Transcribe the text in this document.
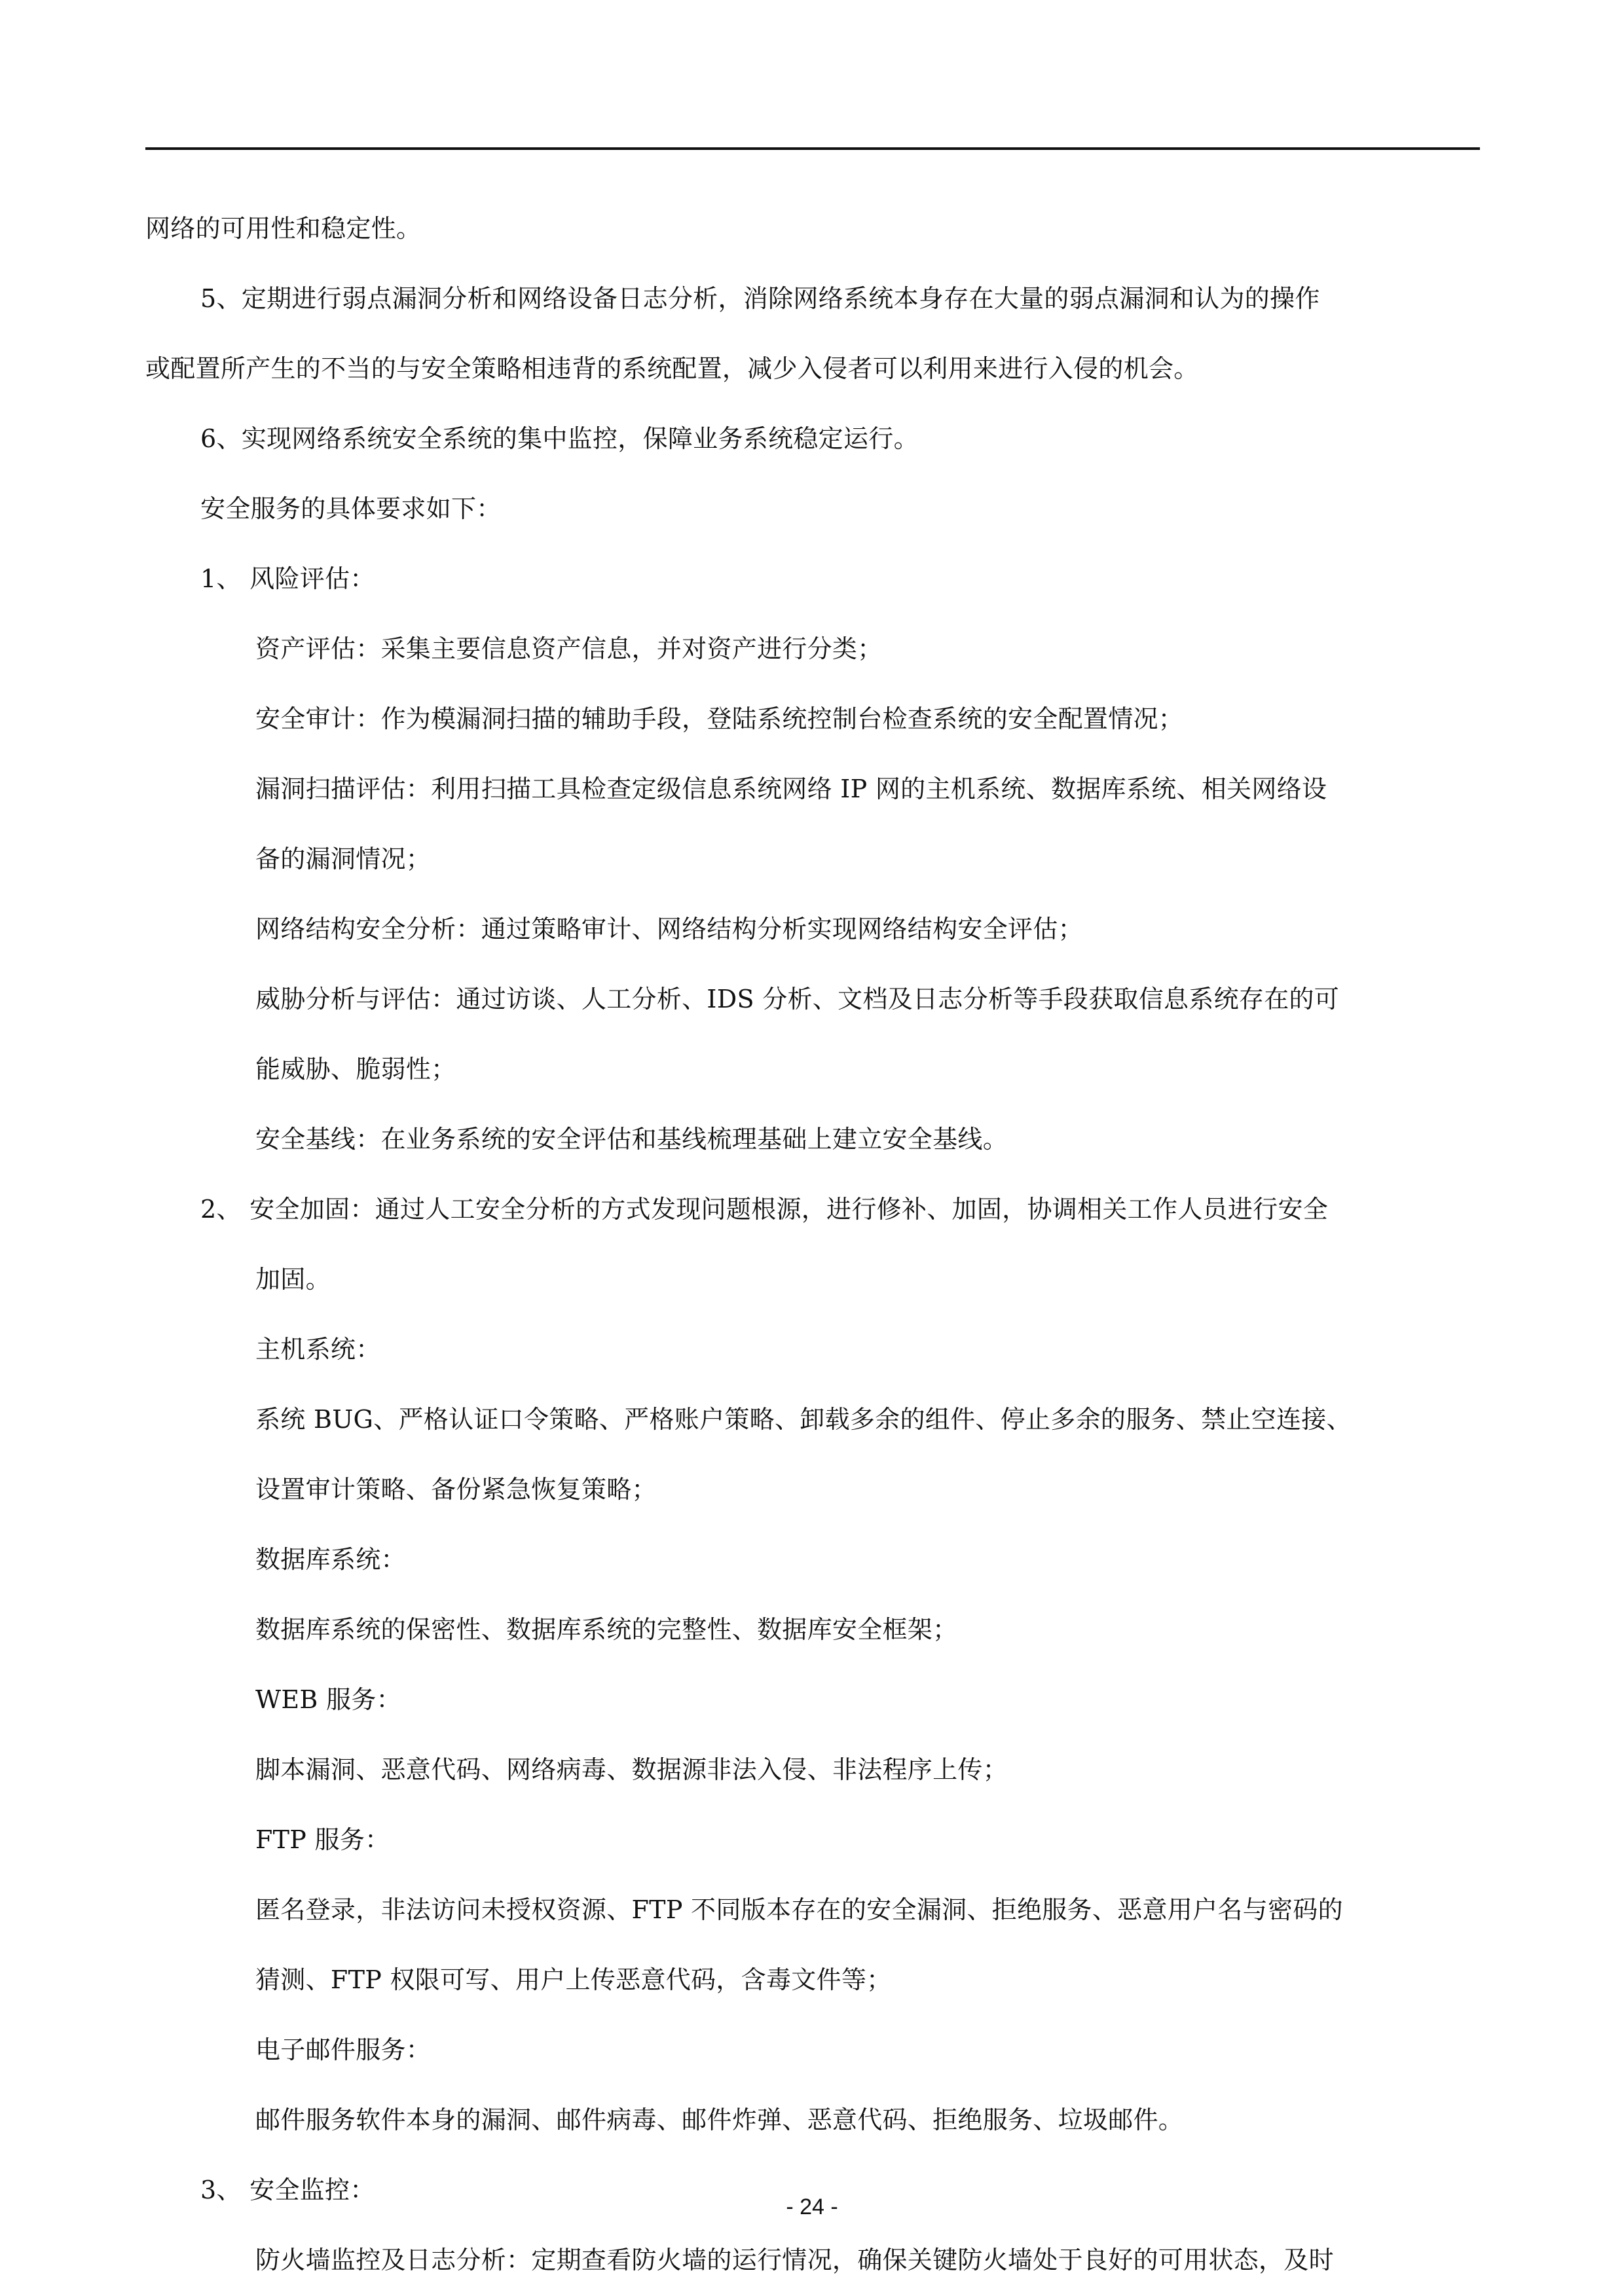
网络的可用性和稳定性。

5、定期进行弱点漏洞分析和网络设备日志分析，消除网络系统本身存在大量的弱点漏洞和认为的操作

或配置所产生的不当的与安全策略相违背的系统配置，减少入侵者可以利用来进行入侵的机会。

6、实现网络系统安全系统的集中监控，保障业务系统稳定运行。

安全服务的具体要求如下：

1、 风险评估：

资产评估：采集主要信息资产信息，并对资产进行分类；

安全审计：作为模漏洞扫描的辅助手段，登陆系统控制台检查系统的安全配置情况；

漏洞扫描评估：利用扫描工具检查定级信息系统网络 IP 网的主机系统、数据库系统、相关网络设

备的漏洞情况；

网络结构安全分析：通过策略审计、网络结构分析实现网络结构安全评估；

威胁分析与评估：通过访谈、人工分析、IDS 分析、文档及日志分析等手段获取信息系统存在的可

能威胁、脆弱性；

安全基线：在业务系统的安全评估和基线梳理基础上建立安全基线。

2、 安全加固：通过人工安全分析的方式发现问题根源，进行修补、加固，协调相关工作人员进行安全

加固。

主机系统：

系统 BUG、严格认证口令策略、严格账户策略、卸载多余的组件、停止多余的服务、禁止空连接、

设置审计策略、备份紧急恢复策略；

数据库系统：

数据库系统的保密性、数据库系统的完整性、数据库安全框架；

WEB 服务：

脚本漏洞、恶意代码、网络病毒、数据源非法入侵、非法程序上传；

FTP 服务：

匿名登录，非法访问未授权资源、FTP 不同版本存在的安全漏洞、拒绝服务、恶意用户名与密码的

猜测、FTP 权限可写、用户上传恶意代码，含毒文件等；

电子邮件服务：

邮件服务软件本身的漏洞、邮件病毒、邮件炸弹、恶意代码、拒绝服务、垃圾邮件。

3、 安全监控：

防火墙监控及日志分析：定期查看防火墙的运行情况，确保关键防火墙处于良好的可用状态，及时

- 24 -
